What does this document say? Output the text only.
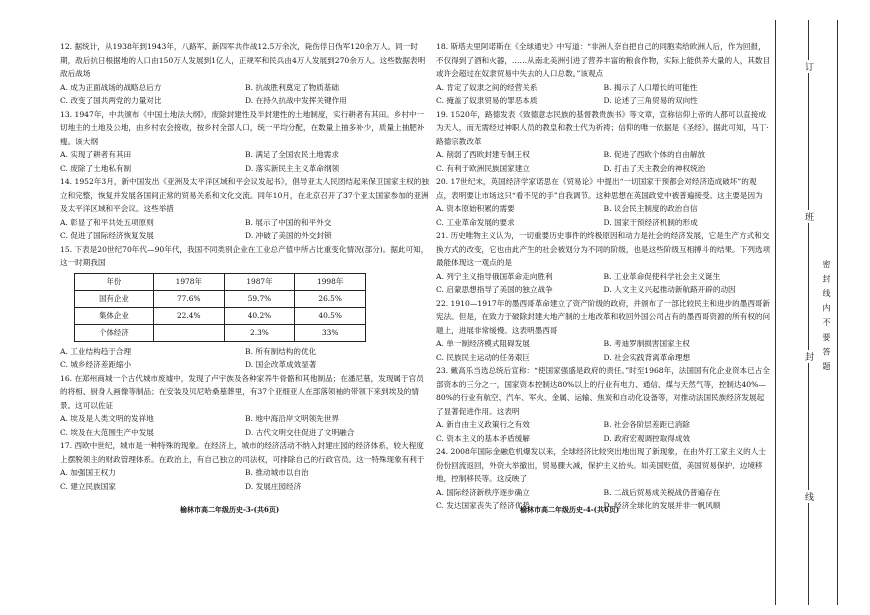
12. 据统计，从1938年到1943年，八路军、新四军共作战12.5万余次，毙伤俘日伪军120余万人。同一时期，敌后抗日根据地的人口由150万人发展到1亿人，正规军和民兵由4万人发展到270余万人。这些数据表明敌后战场
A. 成为正面战场的战略总后方	B. 抗战胜利奠定了物质基础
C. 改变了国共两党的力量对比	D. 在持久抗战中发挥关键作用
13. 1947年，中共颁布《中国土地法大纲》，废除封建性及半封建性的土地制度，实行耕者有其田。乡村中一切地主的土地及公地，由乡村农会接收，按乡村全部人口，统一平均分配，在数量上抽多补少，质量上抽肥补瘦。该大纲
A. 实现了耕者有其田	B. 满足了全国农民土地需求
C. 废除了土地私有制	D. 落实新民主主义革命纲领
14. 1952年3月，新中国发出《亚洲及太平洋区域和平会议发起书》，倡导亚太人民团结起来保卫国家主权的独立和完整，恢复并发展各国间正常的贸易关系和文化交流。同年10月，在北京召开了37个亚太国家参加的亚洲及太平洋区域和平会议。这些举措
A. 彰显了和平共处五项原则	B. 展示了中国的和平外交
C. 促进了国际经济恢复发展	D. 冲破了美国的外交封锁
15. 下表是20世纪70年代—90年代，我国不同类别企业在工业总产值中所占比重变化情况(部分)。据此可知，这一时期我国
年份	1978年	1987年	1998年
国有企业	77.6%	59.7%	26.5%
集体企业	22.4%	40.2%	40.5%
个体经济		2.3%	33%
A. 工业结构趋于合理	B. 所有制结构的优化
C. 城乡经济差距缩小	D. 国企改革成效显著
16. 在郑州商城一个古代城市废墟中，发现了卢宇族及各种家养牛骨骼和其他制品；在潘尼墓，发现属于官员的将相、厨身人画像等制品；在安装及贝尼哈桑墓葬里，有37个亚细亚人在部落领袖的带领下来到埃及的情景。这可以佐证
A. 埃及是人类文明的发祥地	B. 地中海沿岸文明领先世界
C. 埃及在大范围生产中发展	D. 古代文明交往促进了文明融合
17. 西欧中世纪，城市是一种特殊的现象。在经济上，城市的经济活动不纳入封建庄园的经济体系，较大程度上摆脱领主的财政管理体系。在政治上，有自己独立的司法权，可排除自己的行政官员。这一特殊现象有利于
A. 加强国王权力	B. 推动城市以自治
C. 建立民族国家	D. 发展庄园经济
18. 斯塔夫里阿诺斯在《全球通史》中写道：“非洲人奈自把自己的同胞卖给欧洲人后，作为回报，不仅得到了酒和火器，……从南北美洲引进了营养丰富的粮食作物，实际上能供养大量的人，其数目或许会超过在奴隶贸易中失去的人口总数。”该观点
A. 肯定了奴隶之间的经营关系	B. 揭示了人口增长的可能性
C. 掩盖了奴隶贸易的罪恶本质	D. 论述了三角贸易的双向性
19. 1520年，路德发表《致德意志民族的基督教贵族书》等文章，宣称信仰上帝的人都可以直接成为天人，而无需经过神职人员的教皇和教士代为祈祷；信仰的唯一依据是《圣经》。据此可知，马丁·路德宗教改革
A. 削弱了西欧封建专制王权	B. 促进了西欧个体的自由解放
C. 有利于欧洲民族国家建立	D. 打击了天主教会的神权统治
20. 17世纪末，英国经济学家诺思在《贸易论》中提出“一切国家干预都会对经济造成破坏”的观点，表明要让市场这只“看不见的手”自我调节。这种思想在英国政党中被普遍接受。这主要是因为
A. 资本原始积累的需要	B. 议会民主制度的政治自信
C. 工业革命发展的要求	D. 国家干预经济机制的形成
21. 历史唯物主义认为，一切重要历史事件的终极原因和动力是社会的经济发展，它是生产方式和交换方式的改变，它也由此产生的社会被划分为不同的阶级，也是这些阶级互相搏斗的结果。下列选项最能体现这一观点的是
A. 列宁主义指导俄国革命走向胜利	B. 工业革命促使科学社会主义诞生
C. 启蒙思想指导了美国的独立战争	D. 人文主义兴起推动新航路开辟的动因
22. 1910—1917年的墨西哥革命建立了资产阶级的政府，并颁布了一部比较民主和进步的墨西哥新宪法。但是，在致力于破除封建大地产制的土地改革和收回外国公司占有的墨西哥资源的所有权的问题上，进展非常缓慢。这表明墨西哥
A. 单一制经济模式阻碍发展	B. 考迪罗制损害国家主权
C. 民族民主运动的任务艰巨	D. 社会实践背离革命理想
23. 戴高乐当选总统后宣称：“使国家强盛是政府的责任。”时至1968年，法国国有化企业资本已占全部资本的三分之一，国家资本控制达80%以上的行业有电力、通信、煤与天然气等，控制达40%—80%的行业有航空、汽车、军火、金属、运输、焦炭和自动化设备等，对推动法国民族经济发展起了显著促进作用。这表明
A. 新自由主义政策行之有效	B. 社会各阶层差距已消除
C. 资本主义的基本矛盾缓解	D. 政府宏观调控取得成效
24. 2008年国际金融危机爆发以来，全球经济比较突出地出现了新现象，在由外打工家主义的人士份份回流返回，外资大举撤出，贸易骤大减，保护主义抬头。如美国贬值，美国贸易保护、边境移地，控制移民等。这反映了
A. 国际经济新秩序逐步确立	B. 二战后贸易成关税战仍普遍存在
C. 发达国家丧失了经济优势	D. 经济全球化的发展并非一帆风顺
榆林市高二年级历史-3-(共6页)	榆林市高二年级历史-4-(共6页)
订
班
封
线
密 封 线 内 不 要 答 题
